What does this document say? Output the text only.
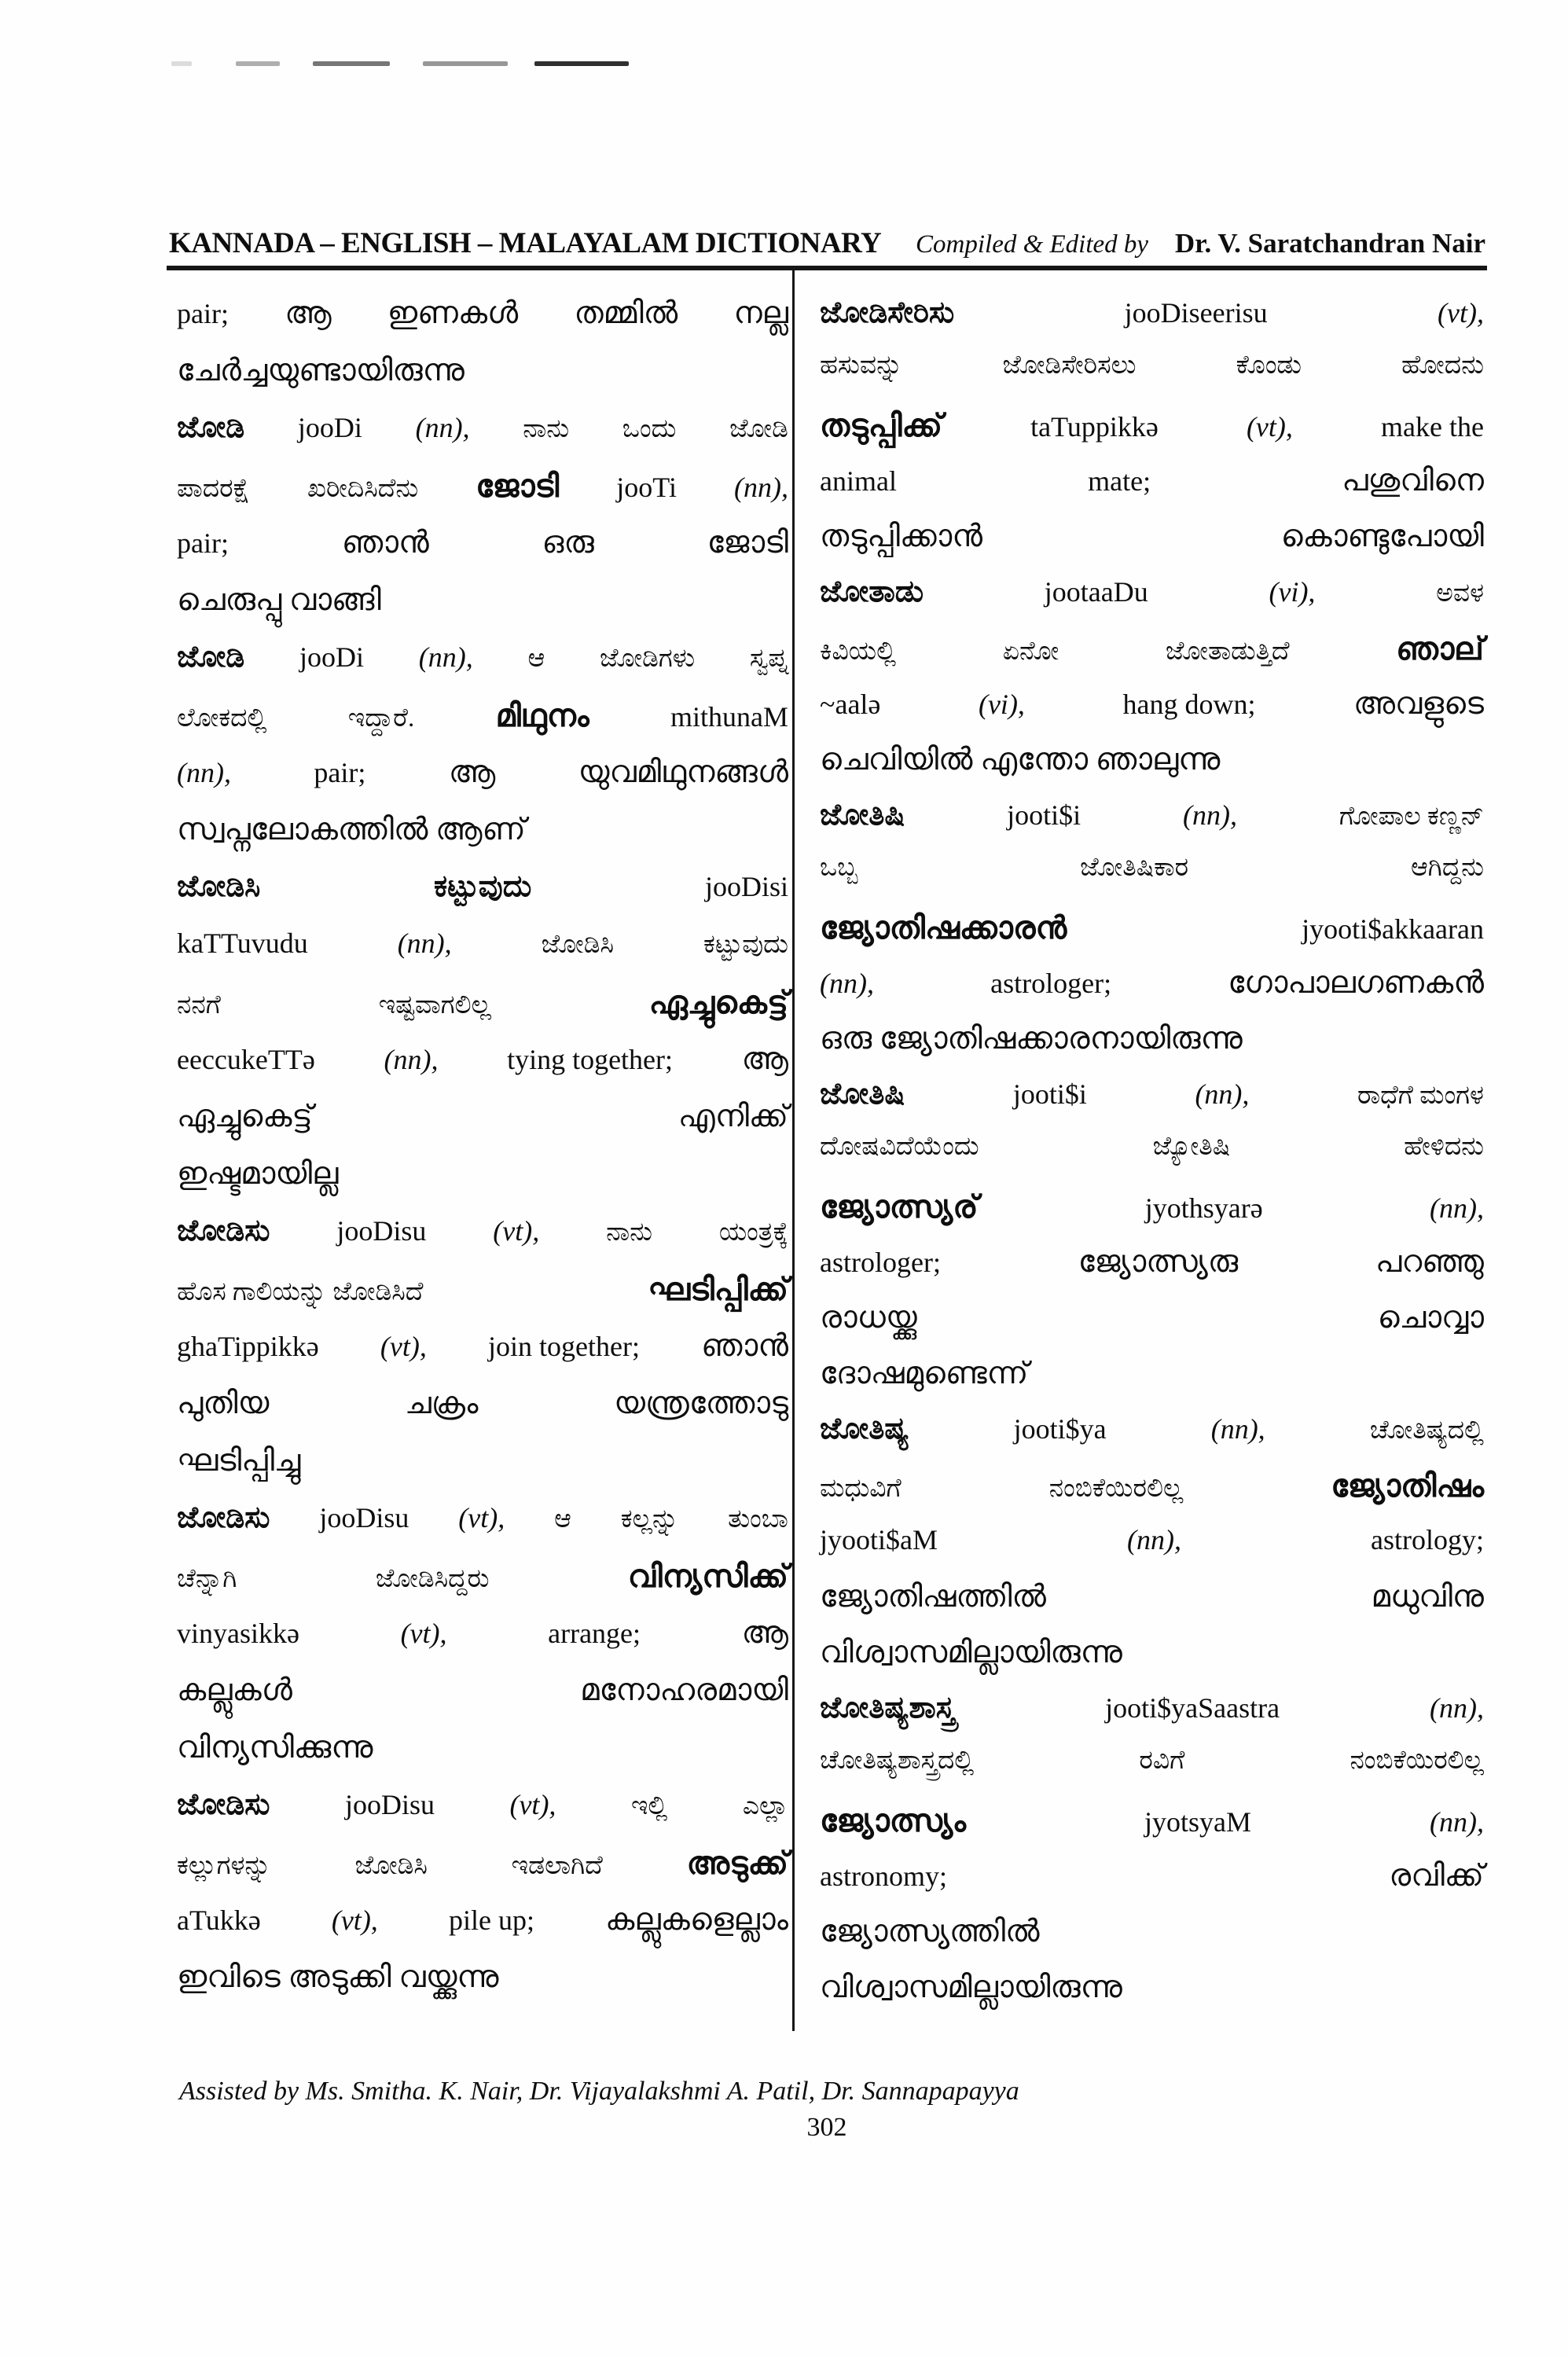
KANNADA – ENGLISH – MALAYALAM DICTIONARY Compiled & Edited by Dr. V. Saratchandran Nair
pair; ആ ഇണകൾ തമ്മിൽ നല്ല
ചേർച്ചയുണ്ടായിരുന്നു
ಜೋಡಿ jooDi (nn), ನಾನು ಒಂದು ಜೋಡಿ
ಪಾದರಕ್ಷೆ ಖರೀದಿಸಿದೆನು ജോടി jooTi (nn),
pair;	ഞാൻ	ഒരു	ജോടി
ചെരുപ്പു വാങ്ങി
ಜೋಡಿ jooDi (nn), ಆ ಜೋಡಿಗಳು ಸ್ವಪ್ನ
ಲೋಕದಲ್ಲಿ	ಇದ್ದಾರೆ.	മിഥുനം	mithunaM
(nn),	pair;	ആ	യുവമിഥുനങ്ങൾ
സ്വപ്നലോകത്തിൽ ആണ്
ಜೋಡಿಸಿ	ಕಟ್ಟುವುದು	jooDisi
kaTTuvudu	(nn),	ಜೋಡಿಸಿ	ಕಟ್ಟುವುದು
ನನಗೆ	ಇಷ್ಟವಾಗಲಿಲ್ಲ	ഏച്ചുകെട്ട്
eeccukeTTə (nn), tying together; ആ
ഏച്ചുകെട്ട്	എനിക്ക്
ഇഷ്ടമായില്ല
ಜೋಡಿಸು jooDisu (vt),	ನಾನು	ಯಂತ್ರಕ್ಕೆ
ಹೊಸ ಗಾಲಿಯನ್ನು ಜೋಡಿಸಿದೆ	ഘടിപ്പിക്ക്
ghaTippikkə (vt), join together; ഞാൻ
പുതിയ	ചക്രം	യന്ത്രത്തോടു
ഘടിപ്പിച്ചു
ಜೋಡಿಸು jooDisu (vt), ಆ ಕಲ್ಲನ್ನು ತುಂಬಾ
ಚೆನ್ನಾಗಿ	ಜೋಡಿಸಿದ್ದರು	വിന്യസിക്ക്
vinyasikkə	(vt),	arrange;	ആ
കല്ലുകൾ	മനോഹരമായി
വിന്യസിക്കുന്നു
ಜೋಡಿಸು	jooDisu	(vt),	ಇಲ್ಲಿ	ಎಲ್ಲಾ
ಕಲ್ಲುಗಳನ್ನು	ಜೋಡಿಸಿ	ಇಡಲಾಗಿದೆ	അടുക്ക്
aTukkə	(vt),	pile up; കല്ലുകളെല്ലാം
ഇവിടെ അടുക്കി വയ്ക്കുന്നു
ಜೋಡಿಸೇರಿಸು	jooDiseerisu	(vt),
ಹಸುವನ್ನು	ಜೋಡಿಸೇರಿಸಲು	ಕೊಂಡು	ಹೋದನು
തടുപ്പിക്ക്	taTuppikkə	(vt),	make the
animal	mate;	പശുവിനെ
തടുപ്പിക്കാൻ	കൊണ്ടുപോയി
ಜೋತಾಡು	jootaaDu	(vi),	ಅವಳ
ಕಿವಿಯಲ್ಲಿ	ಏನೋ	ಜೋತಾಡುತ್ತಿದೆ	ഞാല്
~aalə	(vi),	hang down;	അവളുടെ
ചെവിയിൽ എന്തോ ഞാലുന്നു
ಜೋತಿಷಿ	jooti$i	(nn),	ಗೋಪಾಲ ಕಣ್ಣನ್
ಒಬ್ಬ	ಜೋತಿಷಿಕಾರ	ಆಗಿದ್ದನು
ജ്യോതിഷക്കാരൻ	jyooti$akkaaran
(nn),	astrologer;	ഗോപാലഗണകൻ
ഒരു ജ്യോതിഷക്കാരനായിരുന്നു
ಜೋತಿಷಿ	jooti$i	(nn),	ರಾಧೆಗೆ ಮಂಗಳ
ದೋಷವಿದೆಯೆಂದು	ಜ್ಯೋತಿಷಿ	ಹೇಳಿದನು
ജ്യോത്സ്യര്	jyothsyarə	(nn),
astrologer;	ജ്യോത്സ്യരു	പറഞ്ഞു
രാധയ്ക്കു	ചൊവ്വാ
ദോഷമുണ്ടെന്ന്
ಜೋತಿಷ್ಯ	jooti$ya	(nn),	ಚೋತಿಷ್ಯದಲ್ಲಿ
ಮಧುವಿಗೆ	ನಂಬಿಕೆಯಿರಲಿಲ್ಲ	ജ്യോതിഷം
jyooti$aM	(nn),	astrology;
ജ്യോതിഷത്തിൽ	മധുവിനു
വിശ്വാസമില്ലായിരുന്നു
ಜೋತಿಷ್ಯಶಾಸ್ತ್ರ	jooti$yaSaastra	(nn),
ಚೋತಿಷ್ಯಶಾಸ್ತ್ರದಲ್ಲಿ	ರವಿಗೆ	ನಂಬಿಕೆಯಿರಲಿಲ್ಲ
ജ്യോത്സ്യം	jyotsyaM	(nn),
astronomy;	രവിക്ക്
ജ്യോത്സ്യത്തിൽ
വിശ്വാസമില്ലായിരുന്നു
Assisted by Ms. Smitha. K. Nair, Dr. Vijayalakshmi A. Patil, Dr. Sannapapayya
302
